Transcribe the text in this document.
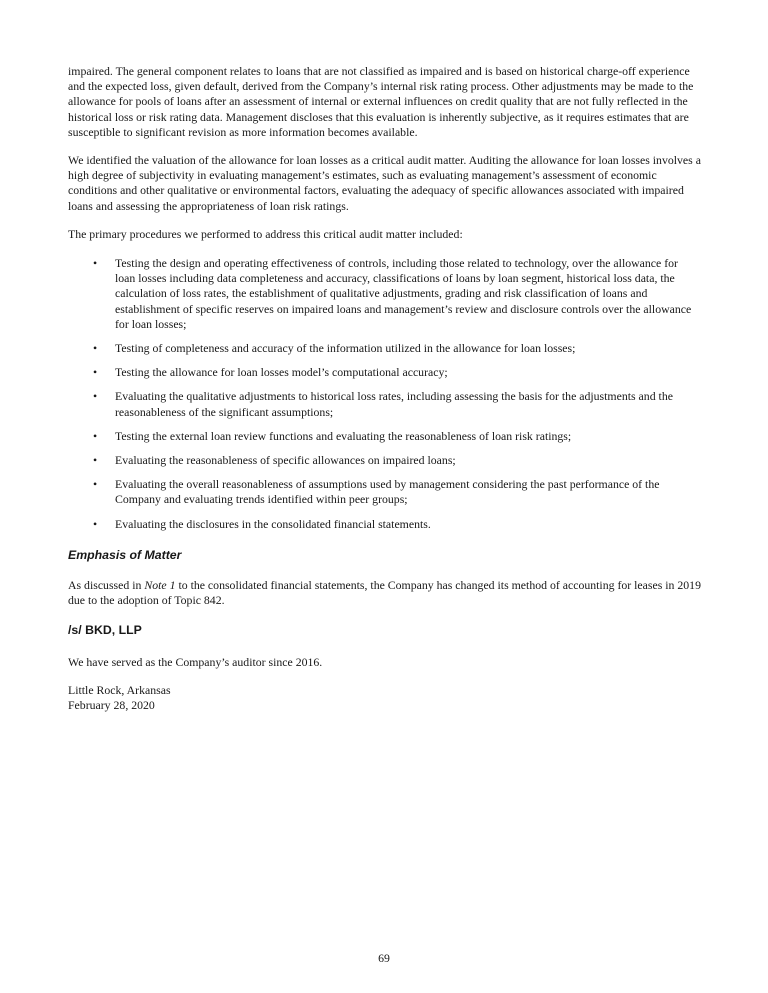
impaired. The general component relates to loans that are not classified as impaired and is based on historical charge-off experience and the expected loss, given default, derived from the Company’s internal risk rating process. Other adjustments may be made to the allowance for pools of loans after an assessment of internal or external influences on credit quality that are not fully reflected in the historical loss or risk rating data. Management discloses that this evaluation is inherently subjective, as it requires estimates that are susceptible to significant revision as more information becomes available.

We identified the valuation of the allowance for loan losses as a critical audit matter. Auditing the allowance for loan losses involves a high degree of subjectivity in evaluating management’s estimates, such as evaluating management’s assessment of economic conditions and other qualitative or environmental factors, evaluating the adequacy of specific allowances associated with impaired loans and assessing the appropriateness of loan risk ratings.

The primary procedures we performed to address this critical audit matter included:

•	Testing the design and operating effectiveness of controls, including those related to technology, over the allowance for loan losses including data completeness and accuracy, classifications of loans by loan segment, historical loss data, the calculation of loss rates, the establishment of qualitative adjustments, grading and risk classification of loans and establishment of specific reserves on impaired loans and management’s review and disclosure controls over the allowance for loan losses;
•	Testing of completeness and accuracy of the information utilized in the allowance for loan losses;
•	Testing the allowance for loan losses model’s computational accuracy;
•	Evaluating the qualitative adjustments to historical loss rates, including assessing the basis for the adjustments and the reasonableness of the significant assumptions;
•	Testing the external loan review functions and evaluating the reasonableness of loan risk ratings;
•	Evaluating the reasonableness of specific allowances on impaired loans;
•	Evaluating the overall reasonableness of assumptions used by management considering the past performance of the Company and evaluating trends identified within peer groups;
•	Evaluating the disclosures in the consolidated financial statements.
Emphasis of Matter

As discussed in Note 1 to the consolidated financial statements, the Company has changed its method of accounting for leases in 2019 due to the adoption of Topic 842.

/s/ BKD, LLP

We have served as the Company’s auditor since 2016.

Little Rock, Arkansas
February 28, 2020

69
